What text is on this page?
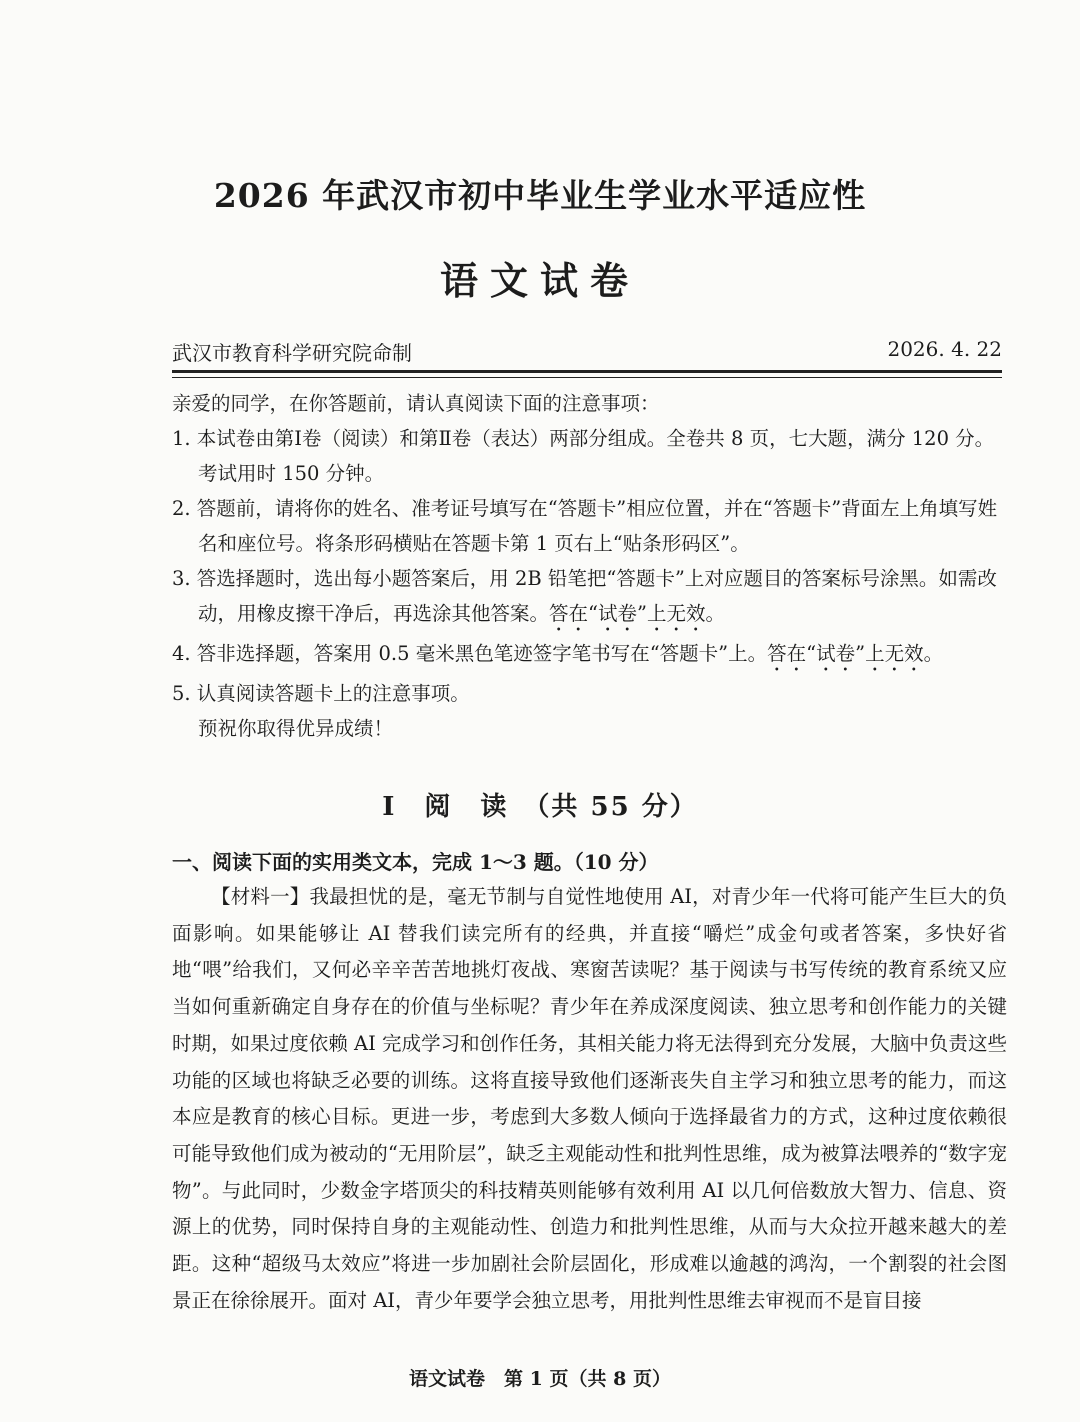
2026 年武汉市初中毕业生学业水平适应性
语文试卷
武汉市教育科学研究院命制	2026. 4. 22

亲爱的同学，在你答题前，请认真阅读下面的注意事项：

1. 本试卷由第Ⅰ卷（阅读）和第Ⅱ卷（表达）两部分组成。全卷共 8 页，七大题，满分 120 分。考试用时 150 分钟。

2. 答题前，请将你的姓名、准考证号填写在“答题卡”相应位置，并在“答题卡”背面左上角填写姓名和座位号。将条形码横贴在答题卡第 1 页右上“贴条形码区”。

3. 答选择题时，选出每小题答案后，用 2B 铅笔把“答题卡”上对应题目的答案标号涂黑。如需改动，用橡皮擦干净后，再选涂其他答案。答在“试卷”上无效。

4. 答非选择题，答案用 0.5 毫米黑色笔迹签字笔书写在“答题卡”上。答在“试卷”上无效。

5. 认真阅读答题卡上的注意事项。

预祝你取得优异成绩！

Ⅰ　阅　读　（共 55 分）
一、阅读下面的实用类文本，完成 1～3 题。（10 分）

【材料一】我最担忧的是，毫无节制与自觉性地使用 AI，对青少年一代将可能产生巨大的负面影响。如果能够让 AI 替我们读完所有的经典，并直接“嚼烂”成金句或者答案，多快好省地“喂”给我们，又何必辛辛苦苦地挑灯夜战、寒窗苦读呢？基于阅读与书写传统的教育系统又应当如何重新确定自身存在的价值与坐标呢？青少年在养成深度阅读、独立思考和创作能力的关键时期，如果过度依赖 AI 完成学习和创作任务，其相关能力将无法得到充分发展，大脑中负责这些功能的区域也将缺乏必要的训练。这将直接导致他们逐渐丧失自主学习和独立思考的能力，而这本应是教育的核心目标。更进一步，考虑到大多数人倾向于选择最省力的方式，这种过度依赖很可能导致他们成为被动的“无用阶层”，缺乏主观能动性和批判性思维，成为被算法喂养的“数字宠物”。与此同时，少数金字塔顶尖的科技精英则能够有效利用 AI 以几何倍数放大智力、信息、资源上的优势，同时保持自身的主观能动性、创造力和批判性思维，从而与大众拉开越来越大的差距。这种“超级马太效应”将进一步加剧社会阶层固化，形成难以逾越的鸿沟，一个割裂的社会图景正在徐徐展开。面对 AI，青少年要学会独立思考，用批判性思维去审视而不是盲目接

语文试卷　第 1 页（共 8 页）
